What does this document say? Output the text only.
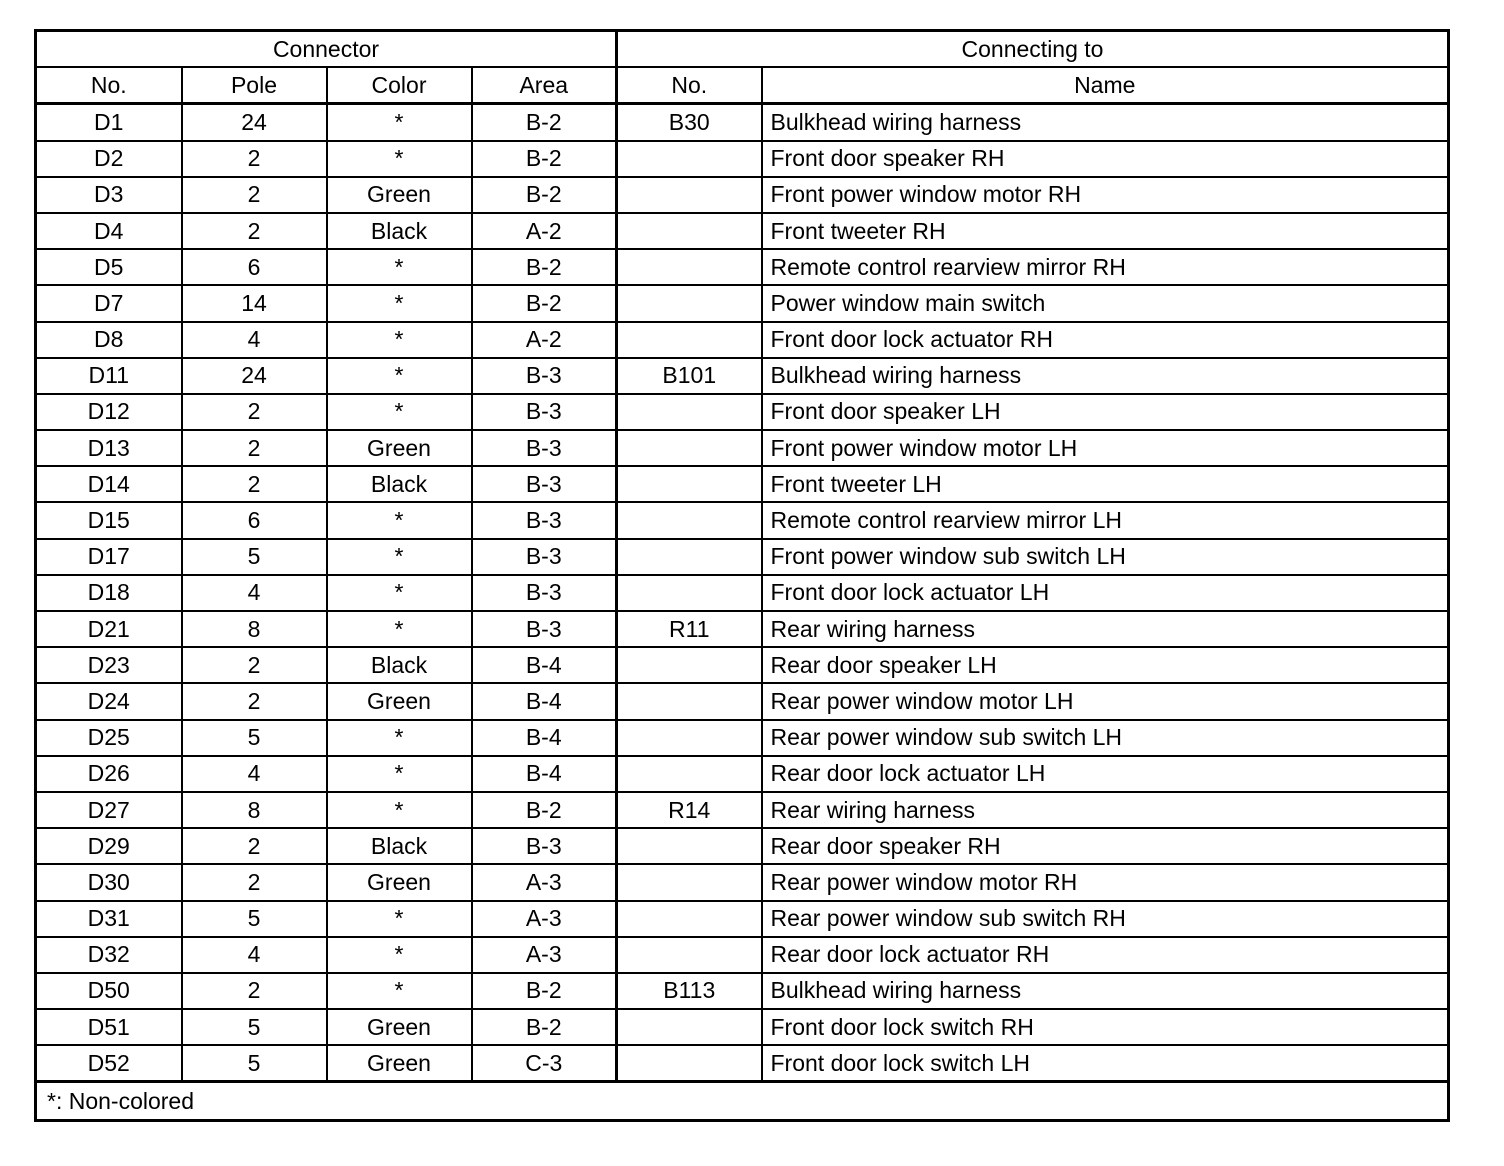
Connector				Connecting to	
No.	Pole	Color	Area	No.	Name
D1	24	*	B-2	B30	Bulkhead wiring harness
D2	2	*	B-2		Front door speaker RH
D3	2	Green	B-2		Front power window motor RH
D4	2	Black	A-2		Front tweeter RH
D5	6	*	B-2		Remote control rearview mirror RH
D7	14	*	B-2		Power window main switch
D8	4	*	A-2		Front door lock actuator RH
D11	24	*	B-3	B101	Bulkhead wiring harness
D12	2	*	B-3		Front door speaker LH
D13	2	Green	B-3		Front power window motor LH
D14	2	Black	B-3		Front tweeter LH
D15	6	*	B-3		Remote control rearview mirror LH
D17	5	*	B-3		Front power window sub switch LH
D18	4	*	B-3		Front door lock actuator LH
D21	8	*	B-3	R11	Rear wiring harness
D23	2	Black	B-4		Rear door speaker LH
D24	2	Green	B-4		Rear power window motor LH
D25	5	*	B-4		Rear power window sub switch LH
D26	4	*	B-4		Rear door lock actuator LH
D27	8	*	B-2	R14	Rear wiring harness
D29	2	Black	B-3		Rear door speaker RH
D30	2	Green	A-3		Rear power window motor RH
D31	5	*	A-3		Rear power window sub switch RH
D32	4	*	A-3		Rear door lock actuator RH
D50	2	*	B-2	B113	Bulkhead wiring harness
D51	5	Green	B-2		Front door lock switch RH
D52	5	Green	C-3		Front door lock switch LH
*: Non-colored					
